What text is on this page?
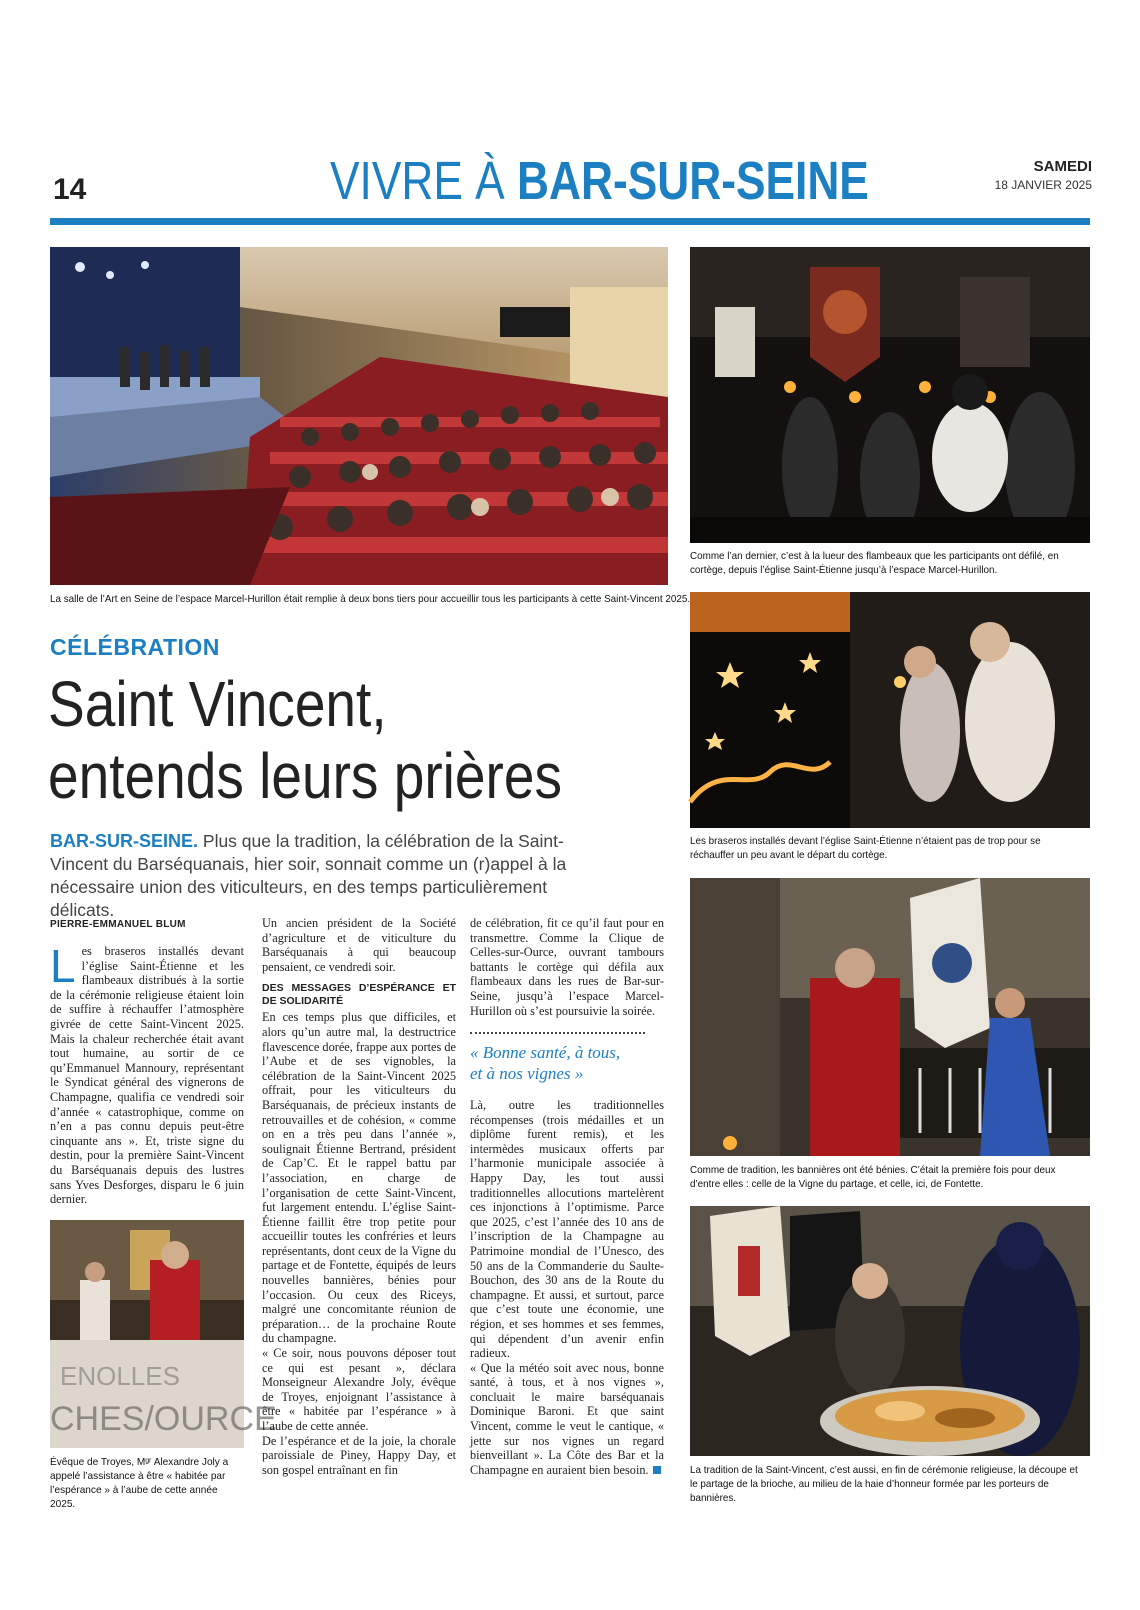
14	VIVRE À BAR-SUR-SEINE	SAMEDI
18 JANVIER 2025
La salle de l’Art en Seine de l’espace Marcel-Hurillon était remplie à deux bons tiers pour accueillir tous les participants à cette Saint-Vincent 2025.
Comme l’an dernier, c’est à la lueur des flambeaux que les participants ont défilé, en cortège, depuis l’église Saint-Étienne jusqu’à l’espace Marcel-Hurillon.
Les braseros installés devant l’église Saint-Étienne n’étaient pas de trop pour se réchauffer un peu avant le départ du cortège.
Comme de tradition, les bannières ont été bénies. C’était la première fois pour deux d’entre elles : celle de la Vigne du partage, et celle, ici, de Fontette.
La tradition de la Saint-Vincent, c’est aussi, en fin de cérémonie religieuse, la découpe et le partage de la brioche, au milieu de la haie d’honneur formée par les porteurs de bannières.
CÉLÉBRATION
Saint Vincent,
entends leurs prières
BAR-SUR-SEINE. Plus que la tradition, la célébration de la Saint-Vincent du Barséquanais, hier soir, sonnait comme un (r)appel à la nécessaire union des viticulteurs, en des temps particulièrement délicats.
PIERRE-EMMANUEL BLUM

Les braseros installés devant l’église Saint-Étienne et les flambeaux distribués à la sortie de la cérémonie religieuse étaient loin de suffire à réchauffer l’atmosphère givrée de cette Saint-Vincent 2025. Mais la chaleur recherchée était avant tout humaine, au sortir de ce qu’Emmanuel Mannoury, représentant le Syndicat général des vignerons de Champagne, qualifia ce vendredi soir d’année « catastrophique, comme on n’en a pas connu depuis peut-être cinquante ans ». Et, triste signe du destin, pour la première Saint-Vincent du Barséquanais depuis des lustres sans Yves Desforges, disparu le 6 juin dernier.

ENOLLES
CHES/OURCE
Évêque de Troyes, Mᵍʳ Alexandre Joly a appelé l’assistance à être « habitée par l’espérance » à l’aube de cette année 2025.

Un ancien président de la Société d’agriculture et de viticulture du Barséquanais à qui beaucoup pensaient, ce vendredi soir.

DES MESSAGES D’ESPÉRANCE ET DE SOLIDARITÉ

En ces temps plus que difficiles, et alors qu’un autre mal, la destructrice flavescence dorée, frappe aux portes de l’Aube et de ses vignobles, la célébration de la Saint-Vincent 2025 offrait, pour les viticulteurs du Barséquanais, de précieux instants de retrouvailles et de cohésion, « comme on en a très peu dans l’année », soulignait Étienne Bertrand, président de Cap’C. Et le rappel battu par l’association, en charge de l’organisation de cette Saint-Vincent, fut largement entendu. L’église Saint-Étienne faillit être trop petite pour accueillir toutes les confréries et leurs représentants, dont ceux de la Vigne du partage et de Fontette, équipés de leurs nouvelles bannières, bénies pour l’occasion. Ou ceux des Riceys, malgré une concomitante réunion de préparation… de la prochaine Route du champagne.

« Ce soir, nous pouvons déposer tout ce qui est pesant », déclara Monseigneur Alexandre Joly, évêque de Troyes, enjoignant l’assistance à être « habitée par l’espérance » à l’aube de cette année.

De l’espérance et de la joie, la chorale paroissiale de Piney, Happy Day, et son gospel entraînant en fin

de célébration, fit ce qu’il faut pour en transmettre. Comme la Clique de Celles-sur-Ource, ouvrant tambours battants le cortège qui défila aux flambeaux dans les rues de Bar-sur-Seine, jusqu’à l’espace Marcel-Hurillon où s’est poursuivie la soirée.

« Bonne santé, à tous,
et à nos vignes »

Là, outre les traditionnelles récompenses (trois médailles et un diplôme furent remis), et les intermèdes musicaux offerts par l’harmonie municipale associée à Happy Day, les tout aussi traditionnelles allocutions martelèrent ces injonctions à l’optimisme. Parce que 2025, c’est l’année des 10 ans de l’inscription de la Champagne au Patrimoine mondial de l’Unesco, des 50 ans de la Commanderie du Saulte-Bouchon, des 30 ans de la Route du champagne. Et aussi, et surtout, parce que c’est toute une économie, une région, et ses hommes et ses femmes, qui dépendent d’un avenir enfin radieux.

« Que la météo soit avec nous, bonne santé, à tous, et à nos vignes », concluait le maire barséquanais Dominique Baroni. Et que saint Vincent, comme le veut le cantique, « jette sur nos vignes un regard bienveillant ». La Côte des Bar et la Champagne en auraient bien besoin.
